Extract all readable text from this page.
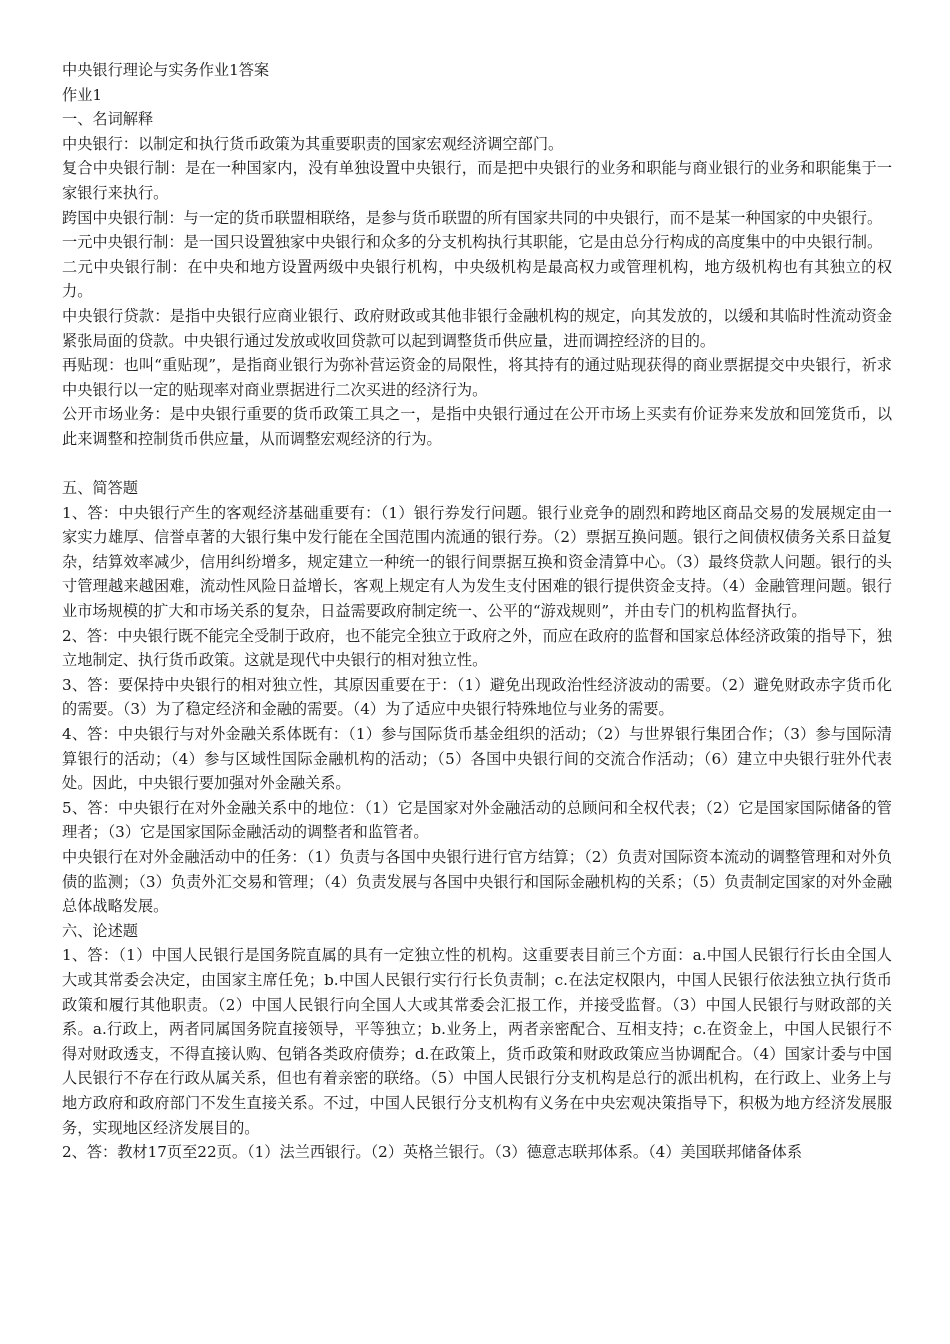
中央银行理论与实务作业1答案

作业1

一、名词解释

中央银行：以制定和执行货币政策为其重要职责的国家宏观经济调空部门。

复合中央银行制：是在一种国家内，没有单独设置中央银行，而是把中央银行的业务和职能与商业银行的业务和职能集于一家银行来执行。

跨国中央银行制：与一定的货币联盟相联络，是参与货币联盟的所有国家共同的中央银行，而不是某一种国家的中央银行。

一元中央银行制：是一国只设置独家中央银行和众多的分支机构执行其职能，它是由总分行构成的高度集中的中央银行制。

二元中央银行制：在中央和地方设置两级中央银行机构，中央级机构是最高权力或管理机构，地方级机构也有其独立的权力。

中央银行贷款：是指中央银行应商业银行、政府财政或其他非银行金融机构的规定，向其发放的，以缓和其临时性流动资金紧张局面的贷款。中央银行通过发放或收回贷款可以起到调整货币供应量，进而调控经济的目的。

再贴现：也叫“重贴现”，是指商业银行为弥补营运资金的局限性，将其持有的通过贴现获得的商业票据提交中央银行，祈求中央银行以一定的贴现率对商业票据进行二次买进的经济行为。

公开市场业务：是中央银行重要的货币政策工具之一，是指中央银行通过在公开市场上买卖有价证券来发放和回笼货币，以此来调整和控制货币供应量，从而调整宏观经济的行为。

五、简答题

1、答：中央银行产生的客观经济基础重要有：（1）银行券发行问题。银行业竞争的剧烈和跨地区商品交易的发展规定由一家实力雄厚、信誉卓著的大银行集中发行能在全国范围内流通的银行券。（2）票据互换问题。银行之间债权债务关系日益复杂，结算效率减少，信用纠纷增多，规定建立一种统一的银行间票据互换和资金清算中心。（3）最终贷款人问题。银行的头寸管理越来越困难，流动性风险日益增长，客观上规定有人为发生支付困难的银行提供资金支持。（4）金融管理问题。银行业市场规模的扩大和市场关系的复杂，日益需要政府制定统一、公平的“游戏规则”，并由专门的机构监督执行。

2、答：中央银行既不能完全受制于政府，也不能完全独立于政府之外，而应在政府的监督和国家总体经济政策的指导下，独立地制定、执行货币政策。这就是现代中央银行的相对独立性。

3、答：要保持中央银行的相对独立性，其原因重要在于：（1）避免出现政治性经济波动的需要。（2）避免财政赤字货币化的需要。（3）为了稳定经济和金融的需要。（4）为了适应中央银行特殊地位与业务的需要。

4、答：中央银行与对外金融关系体既有：（1）参与国际货币基金组织的活动；（2）与世界银行集团合作；（3）参与国际清算银行的活动；（4）参与区域性国际金融机构的活动；（5）各国中央银行间的交流合作活动；（6）建立中央银行驻外代表处。因此，中央银行要加强对外金融关系。

5、答：中央银行在对外金融关系中的地位：（1）它是国家对外金融活动的总顾问和全权代表；（2）它是国家国际储备的管理者；（3）它是国家国际金融活动的调整者和监管者。

中央银行在对外金融活动中的任务：（1）负责与各国中央银行进行官方结算；（2）负责对国际资本流动的调整管理和对外负债的监测；（3）负责外汇交易和管理；（4）负责发展与各国中央银行和国际金融机构的关系；（5）负责制定国家的对外金融总体战略发展。

六、论述题

1、答：（1）中国人民银行是国务院直属的具有一定独立性的机构。这重要表目前三个方面：a.中国人民银行行长由全国人大或其常委会决定，由国家主席任免；b.中国人民银行实行行长负责制；c.在法定权限内，中国人民银行依法独立执行货币政策和履行其他职责。（2）中国人民银行向全国人大或其常委会汇报工作，并接受监督。（3）中国人民银行与财政部的关系。a.行政上，两者同属国务院直接领导，平等独立；b.业务上，两者亲密配合、互相支持；c.在资金上，中国人民银行不得对财政透支，不得直接认购、包销各类政府债券；d.在政策上，货币政策和财政政策应当协调配合。（4）国家计委与中国人民银行不存在行政从属关系，但也有着亲密的联络。（5）中国人民银行分支机构是总行的派出机构，在行政上、业务上与地方政府和政府部门不发生直接关系。不过，中国人民银行分支机构有义务在中央宏观决策指导下，积极为地方经济发展服务，实现地区经济发展目的。

2、答：教材17页至22页。（1）法兰西银行。（2）英格兰银行。（3）德意志联邦体系。（4）美国联邦储备体系
